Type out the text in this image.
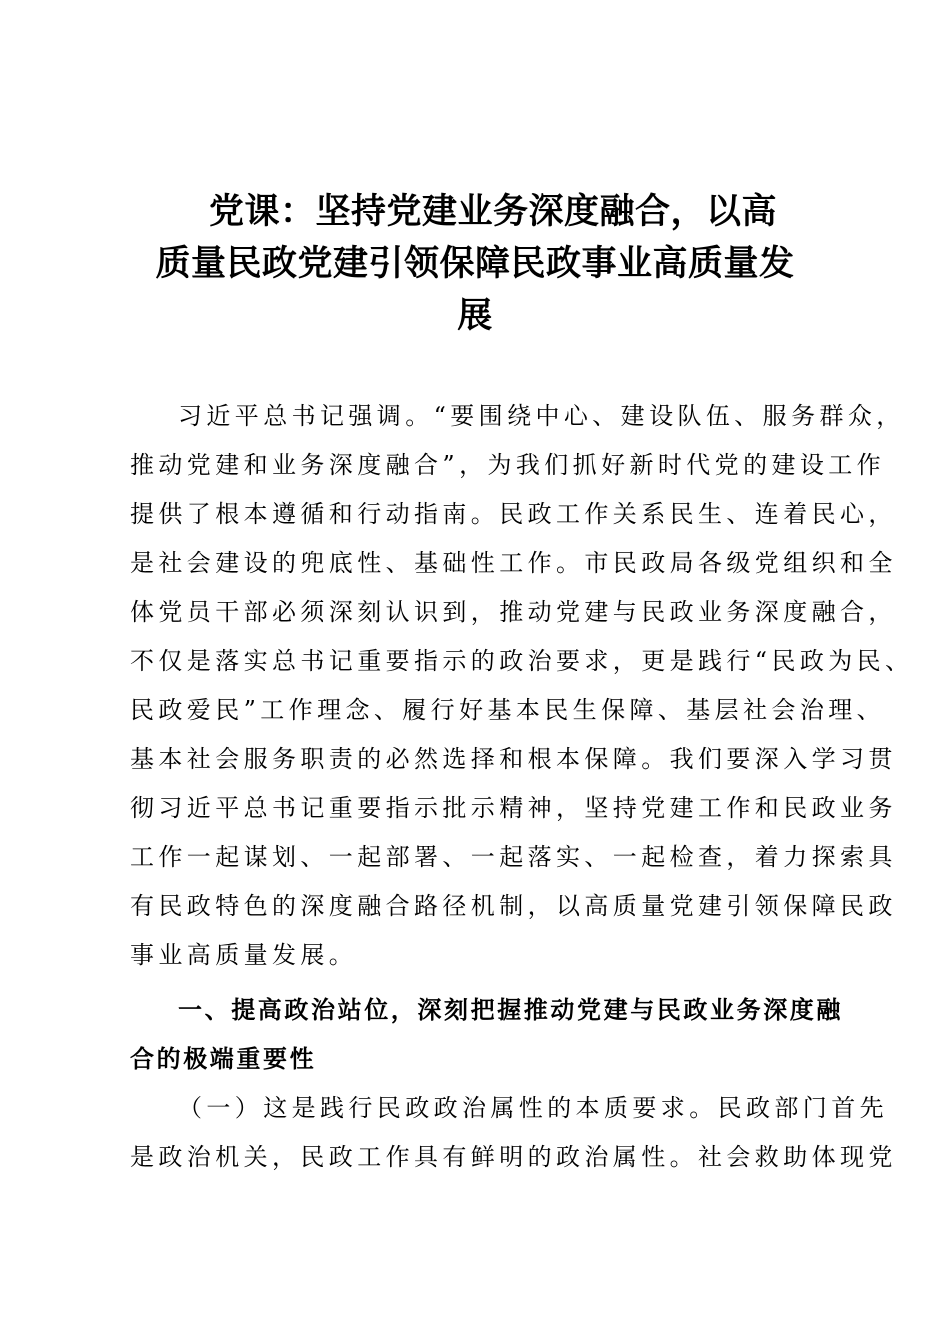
党课：坚持党建业务深度融合，以高
质量民政党建引领保障民政事业高质量发
展
习近平总书记强调。“要围绕中心、建设队伍、服务群众，
推动党建和业务深度融合”，为我们抓好新时代党的建设工作
提供了根本遵循和行动指南。民政工作关系民生、连着民心，
是社会建设的兜底性、基础性工作。市民政局各级党组织和全
体党员干部必须深刻认识到，推动党建与民政业务深度融合，
不仅是落实总书记重要指示的政治要求，更是践行“民政为民、
民政爱民”工作理念、履行好基本民生保障、基层社会治理、
基本社会服务职责的必然选择和根本保障。我们要深入学习贯
彻习近平总书记重要指示批示精神，坚持党建工作和民政业务
工作一起谋划、一起部署、一起落实、一起检查，着力探索具
有民政特色的深度融合路径机制，以高质量党建引领保障民政
事业高质量发展。
一、提高政治站位，深刻把握推动党建与民政业务深度融
合的极端重要性
（一）这是践行民政政治属性的本质要求。民政部门首先
是政治机关，民政工作具有鲜明的政治属性。社会救助体现党
